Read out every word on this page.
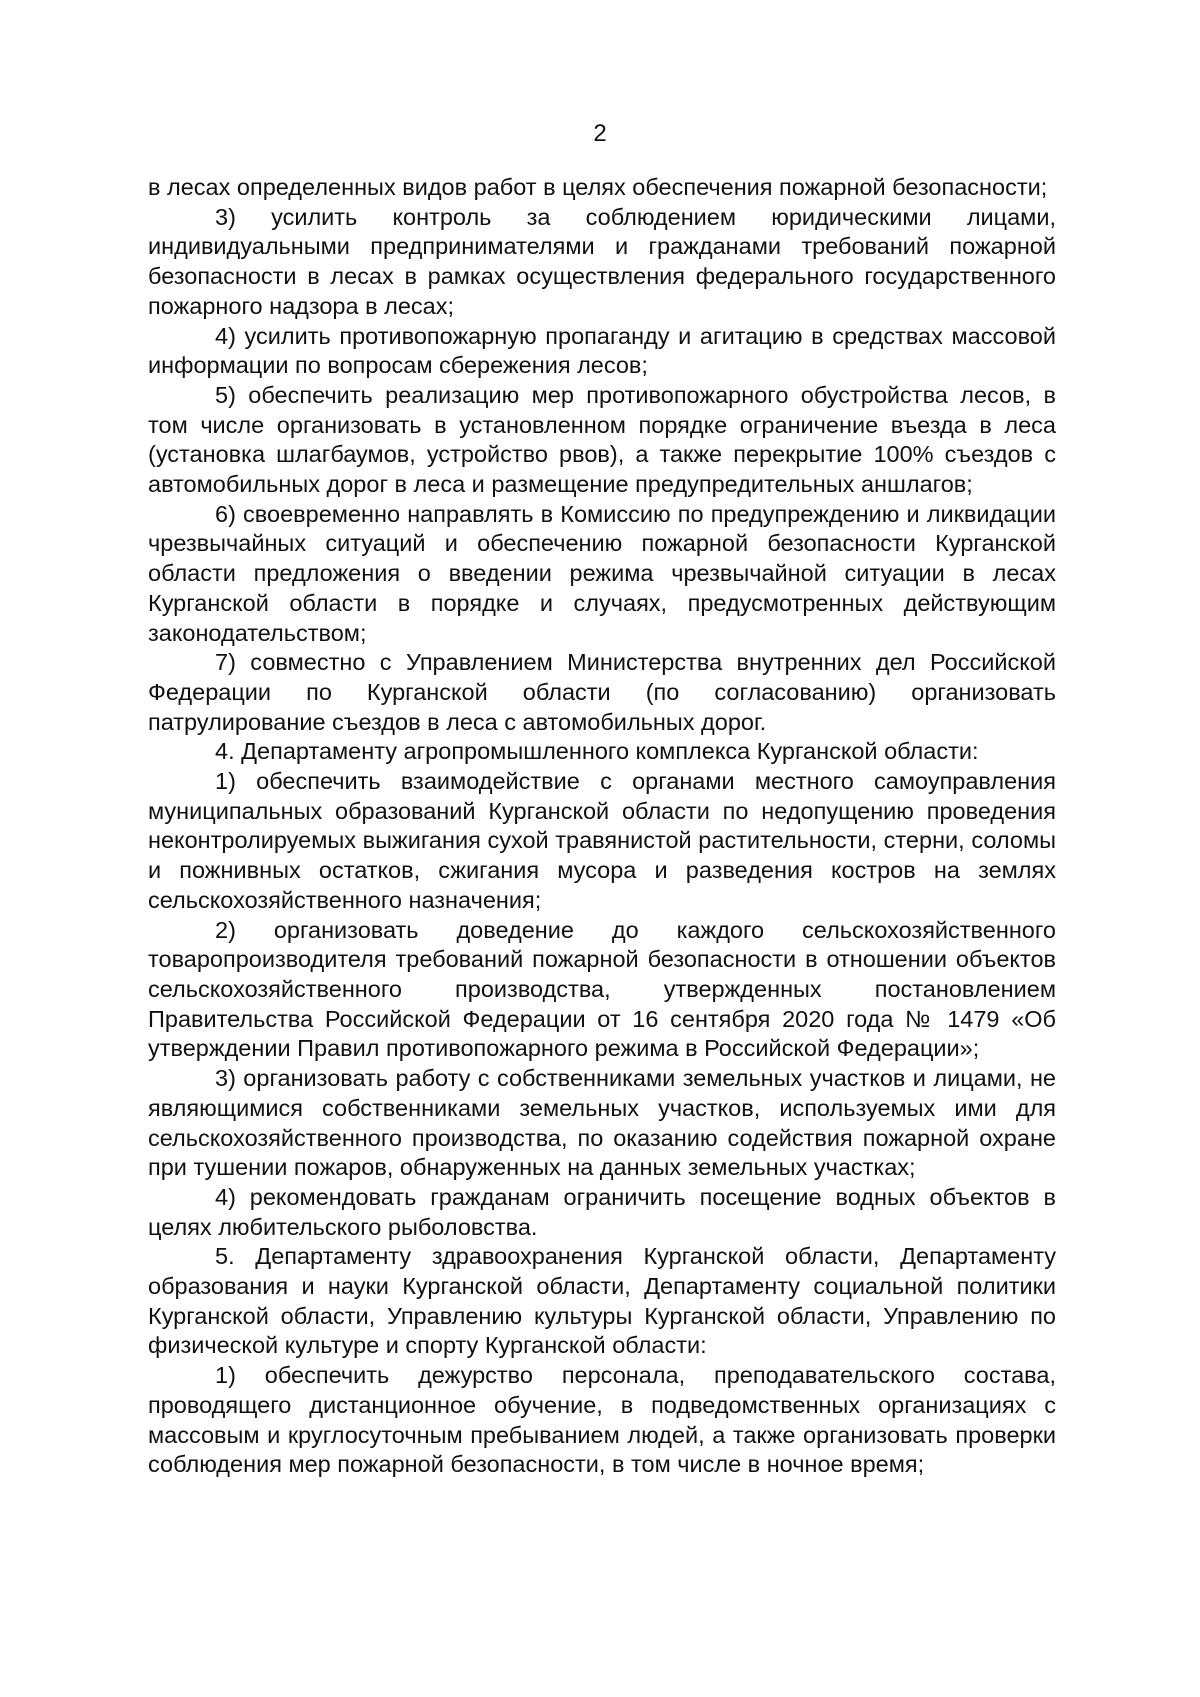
2

в лесах определенных видов работ в целях обеспечения пожарной безопасности;

3) усилить контроль за соблюдением юридическими лицами, индивидуальными предпринимателями и гражданами требований пожарной безопасности в лесах в рамках осуществления федерального государственного пожарного надзора в лесах;

4) усилить противопожарную пропаганду и агитацию в средствах массовой информации по вопросам сбережения лесов;

5) обеспечить реализацию мер противопожарного обустройства лесов, в том числе организовать в установленном порядке ограничение въезда в леса (установка шлагбаумов, устройство рвов), а также перекрытие 100% съездов с автомобильных дорог в леса и размещение предупредительных аншлагов;

6) своевременно направлять в Комиссию по предупреждению и ликвидации чрезвычайных ситуаций и обеспечению пожарной безопасности Курганской области предложения о введении режима чрезвычайной ситуации в лесах Курганской области в порядке и случаях, предусмотренных действующим законодательством;

7) совместно с Управлением Министерства внутренних дел Российской Федерации по Курганской области (по согласованию) организовать патрулирование съездов в леса с автомобильных дорог.

4. Департаменту агропромышленного комплекса Курганской области:

1) обеспечить взаимодействие с органами местного самоуправления муниципальных образований Курганской области по недопущению проведения неконтролируемых выжигания сухой травянистой растительности, стерни, соломы и пожнивных остатков, сжигания мусора и разведения костров на землях сельскохозяйственного назначения;

2) организовать доведение до каждого сельскохозяйственного товаропроизводителя требований пожарной безопасности в отношении объектов сельскохозяйственного производства, утвержденных постановлением Правительства Российской Федерации от 16 сентября 2020 года № 1479 «Об утверждении Правил противопожарного режима в Российской Федерации»;

3) организовать работу с собственниками земельных участков и лицами, не являющимися собственниками земельных участков, используемых ими для сельскохозяйственного производства, по оказанию содействия пожарной охране при тушении пожаров, обнаруженных на данных земельных участках;

4) рекомендовать гражданам ограничить посещение водных объектов в целях любительского рыболовства.

5. Департаменту здравоохранения Курганской области, Департаменту образования и науки Курганской области, Департаменту социальной политики Курганской области, Управлению культуры Курганской области, Управлению по физической культуре и спорту Курганской области:

1) обеспечить дежурство персонала, преподавательского состава, проводящего дистанционное обучение, в подведомственных организациях с массовым и круглосуточным пребыванием людей, а также организовать проверки соблюдения мер пожарной безопасности, в том числе в ночное время;
